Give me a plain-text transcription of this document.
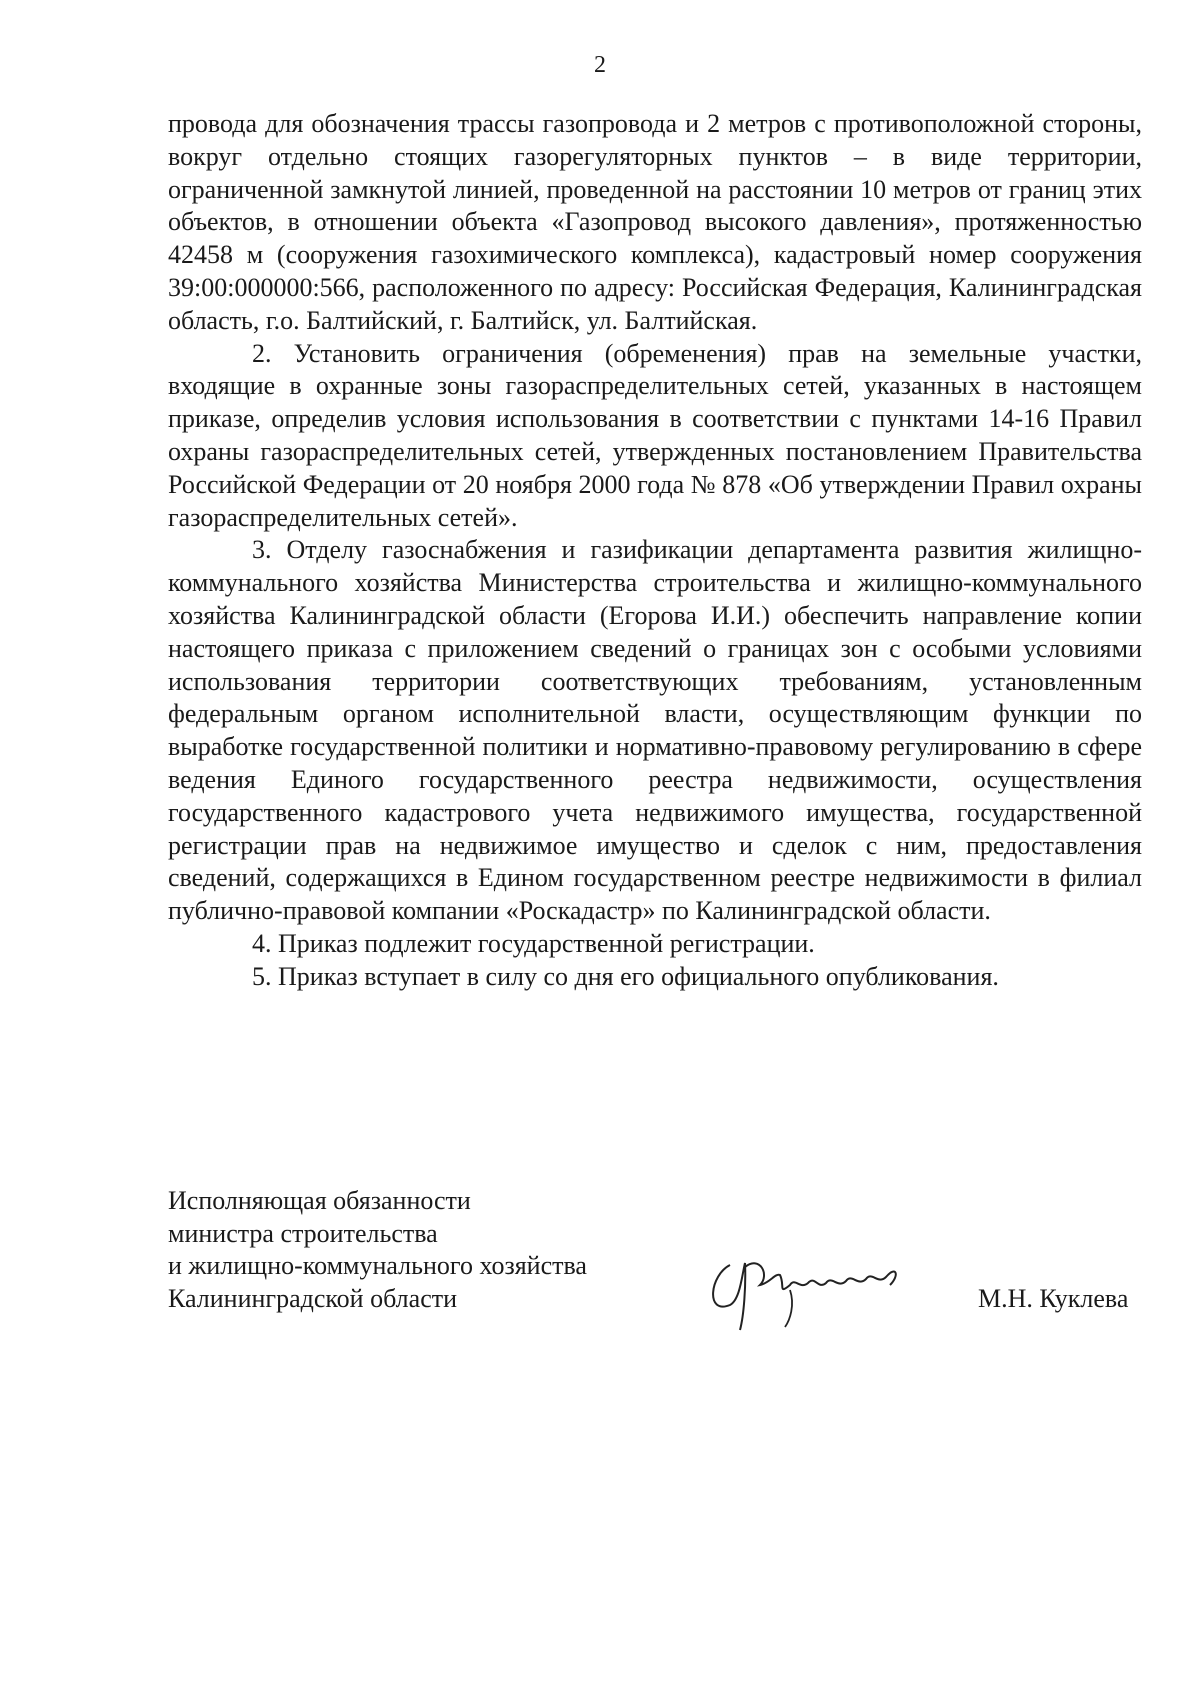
2

провода для обозначения трассы газопровода и 2 метров с противоположной стороны, вокруг отдельно стоящих газорегуляторных пунктов – в виде территории, ограниченной замкнутой линией, проведенной на расстоянии 10 метров от границ этих объектов, в отношении объекта «Газопровод высокого давления», протяженностью 42458 м (сооружения газохимического комплекса), кадастровый номер сооружения 39:00:000000:566, расположенного по адресу: Российская Федерация, Калининградская область, г.о. Балтийский, г. Балтийск, ул. Балтийская.

2. Установить ограничения (обременения) прав на земельные участки, входящие в охранные зоны газораспределительных сетей, указанных в настоящем приказе, определив условия использования в соответствии с пунктами 14-16 Правил охраны газораспределительных сетей, утвержденных постановлением Правительства Российской Федерации от 20 ноября 2000 года № 878 «Об утверждении Правил охраны газораспределительных сетей».

3. Отделу газоснабжения и газификации департамента развития жилищно-коммунального хозяйства Министерства строительства и жилищно-коммунального хозяйства Калининградской области (Егорова И.И.) обеспечить направление копии настоящего приказа с приложением сведений о границах зон с особыми условиями использования территории соответствующих требованиям, установленным федеральным органом исполнительной власти, осуществляющим функции по выработке государственной политики и нормативно-правовому регулированию в сфере ведения Единого государственного реестра недвижимости, осуществления государственного кадастрового учета недвижимого имущества, государственной регистрации прав на недвижимое имущество и сделок с ним, предоставления сведений, содержащихся в Едином государственном реестре недвижимости в филиал публично-правовой компании «Роскадастр» по Калининградской области.

4. Приказ подлежит государственной регистрации.

5. Приказ вступает в силу со дня его официального опубликования.

Исполняющая обязанности
министра строительства
и жилищно-коммунального хозяйства
Калининградской области	М.Н. Куклева
